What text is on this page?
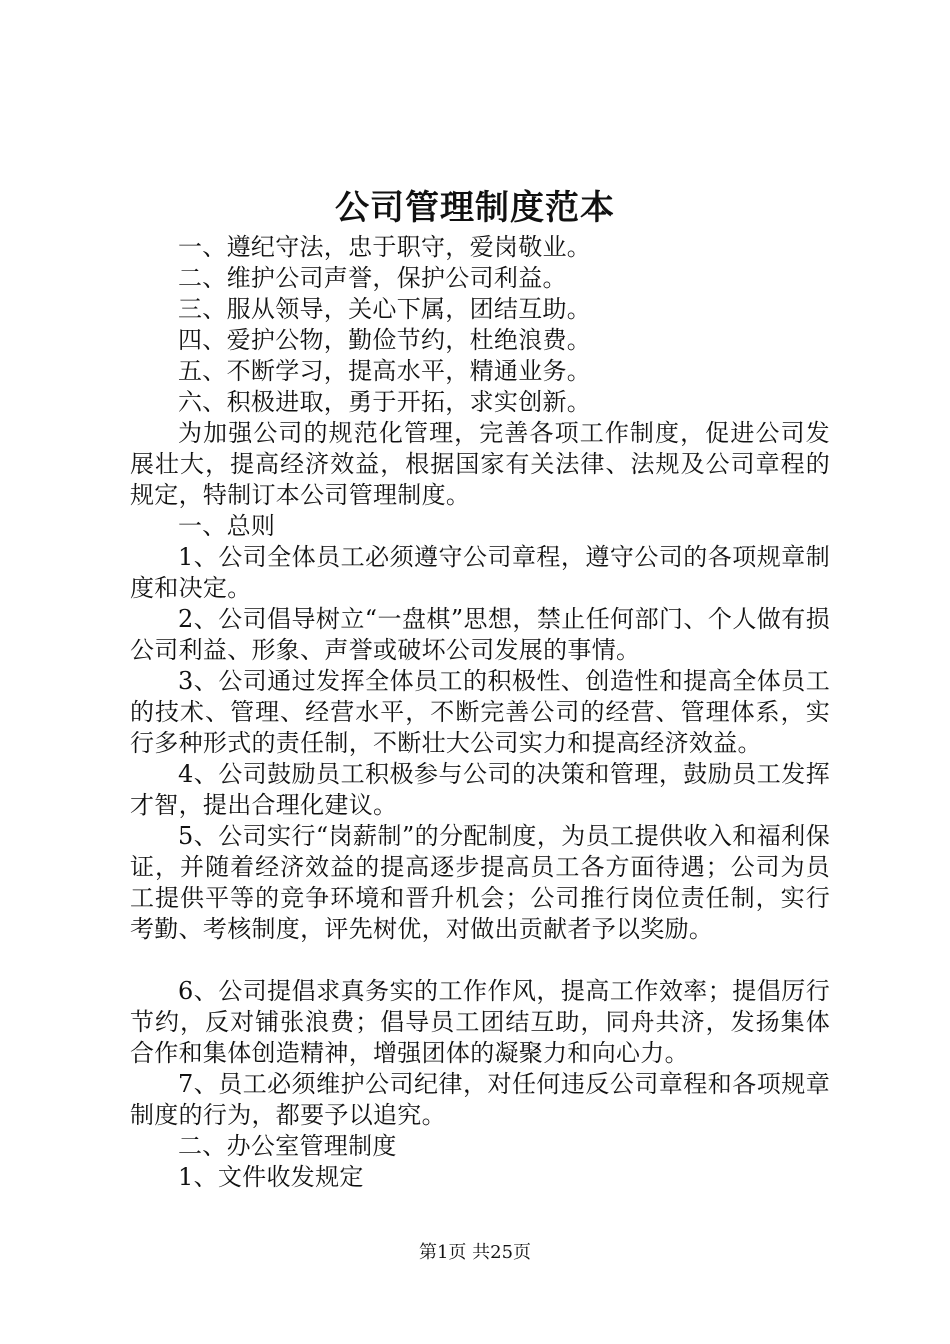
公司管理制度范本

一、遵纪守法，忠于职守，爱岗敬业。

二、维护公司声誉，保护公司利益。

三、服从领导，关心下属，团结互助。

四、爱护公物，勤俭节约，杜绝浪费。

五、不断学习，提高水平，精通业务。

六、积极进取，勇于开拓，求实创新。

为加强公司的规范化管理，完善各项工作制度，促进公司发展壮大，提高经济效益，根据国家有关法律、法规及公司章程的规定，特制订本公司管理制度。

一、总则

1、公司全体员工必须遵守公司章程，遵守公司的各项规章制度和决定。

2、公司倡导树立“一盘棋”思想，禁止任何部门、个人做有损公司利益、形象、声誉或破坏公司发展的事情。

3、公司通过发挥全体员工的积极性、创造性和提高全体员工的技术、管理、经营水平，不断完善公司的经营、管理体系，实行多种形式的责任制，不断壮大公司实力和提高经济效益。

4、公司鼓励员工积极参与公司的决策和管理，鼓励员工发挥才智，提出合理化建议。

5、公司实行“岗薪制”的分配制度，为员工提供收入和福利保证，并随着经济效益的提高逐步提高员工各方面待遇；公司为员工提供平等的竞争环境和晋升机会；公司推行岗位责任制，实行考勤、考核制度，评先树优，对做出贡献者予以奖励。

6、公司提倡求真务实的工作作风，提高工作效率；提倡厉行节约，反对铺张浪费；倡导员工团结互助，同舟共济，发扬集体合作和集体创造精神，增强团体的凝聚力和向心力。

7、员工必须维护公司纪律，对任何违反公司章程和各项规章制度的行为，都要予以追究。

二、办公室管理制度

1、文件收发规定

第1页 共25页
